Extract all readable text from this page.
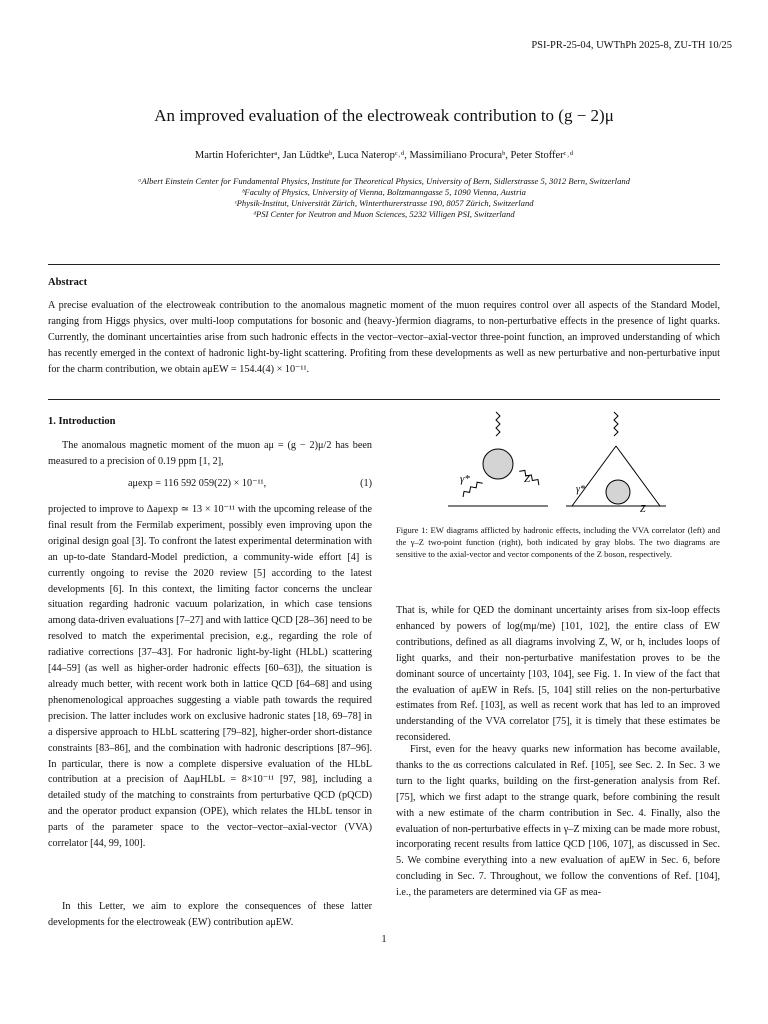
PSI-PR-25-04, UWThPh 2025-8, ZU-TH 10/25
An improved evaluation of the electroweak contribution to (g − 2)μ
Martin Hoferichterᵃ, Jan Lüdtkeᵇ, Luca Nateropᶜ˒ᵈ, Massimiliano Procuraᵇ, Peter Stofferᶜ˒ᵈ
ᵃAlbert Einstein Center for Fundamental Physics, Institute for Theoretical Physics, University of Bern, Sidlerstrasse 5, 3012 Bern, Switzerland
ᵇFaculty of Physics, University of Vienna, Boltzmanngasse 5, 1090 Vienna, Austria
ᶜPhysik-Institut, Universität Zürich, Winterthurerstrasse 190, 8057 Zürich, Switzerland
ᵈPSI Center for Neutron and Muon Sciences, 5232 Villigen PSI, Switzerland
Abstract
A precise evaluation of the electroweak contribution to the anomalous magnetic moment of the muon requires control over all aspects of the Standard Model, ranging from Higgs physics, over multi-loop computations for bosonic and (heavy-)fermion diagrams, to non-perturbative effects in the presence of light quarks. Currently, the dominant uncertainties arise from such hadronic effects in the vector–vector–axial-vector three-point function, an improved understanding of which has recently emerged in the context of hadronic light-by-light scattering. Profiting from these developments as well as new perturbative and non-perturbative input for the charm contribution, we obtain aμEW = 154.4(4) × 10⁻¹¹.
1. Introduction
The anomalous magnetic moment of the muon aμ = (g − 2)μ/2 has been measured to a precision of 0.19 ppm [1, 2],
aμexp = 116 592 059(22) × 10⁻¹¹,	(1)
projected to improve to Δaμexp ≃ 13 × 10⁻¹¹ with the upcoming release of the final result from the Fermilab experiment, possibly even improving upon the original design goal [3]. To confront the latest experimental determination with an up-to-date Standard-Model prediction, a community-wide effort [4] is currently ongoing to revise the 2020 review [5] according to the latest developments [6]. In this context, the limiting factor concerns the unclear situation regarding hadronic vacuum polarization, in which case tensions among data-driven evaluations [7–27] and with lattice QCD [28–36] need to be resolved to match the experimental precision, e.g., regarding the role of radiative corrections [37–43]. For hadronic light-by-light (HLbL) scattering [44–59] (as well as higher-order hadronic effects [60–63]), the situation is already much better, with recent work both in lattice QCD [64–68] and using phenomenological approaches suggesting a viable path towards the required precision. The latter includes work on exclusive hadronic states [18, 69–78] in a dispersive approach to HLbL scattering [79–82], higher-order short-distance constraints [83–86], and the combination with hadronic descriptions [87–96]. In particular, there is now a complete dispersive evaluation of the HLbL contribution at a precision of ΔaμHLbL = 8×10⁻¹¹ [97, 98], including a detailed study of the matching to constraints from perturbative QCD (pQCD) and the operator product expansion (OPE), which relates the HLbL tensor in parts of the parameter space to the vector–vector–axial-vector (VVA) correlator [44, 99, 100].
In this Letter, we aim to explore the consequences of these latter developments for the electroweak (EW) contribution aμEW.
γ*	Z
γ*
Z
Figure 1: EW diagrams afflicted by hadronic effects, including the VVA correlator (left) and the γ–Z two-point function (right), both indicated by gray blobs. The two diagrams are sensitive to the axial-vector and vector components of the Z boson, respectively.
That is, while for QED the dominant uncertainty arises from six-loop effects enhanced by powers of log(mμ/me) [101, 102], the entire class of EW contributions, defined as all diagrams involving Z, W, or h, includes loops of light quarks, and their non-perturbative manifestation proves to be the dominant source of uncertainty [103, 104], see Fig. 1. In view of the fact that the evaluation of aμEW in Refs. [5, 104] still relies on the non-perturbative estimates from Ref. [103], as well as recent work that has led to an improved understanding of the VVA correlator [75], it is timely that these estimates be reconsidered.
First, even for the heavy quarks new information has become available, thanks to the αs corrections calculated in Ref. [105], see Sec. 2. In Sec. 3 we turn to the light quarks, building on the first-generation analysis from Ref. [75], which we first adapt to the strange quark, before combining the result with a new estimate of the charm contribution in Sec. 4. Finally, also the evaluation of non-perturbative effects in γ–Z mixing can be made more robust, incorporating recent results from lattice QCD [106, 107], as discussed in Sec. 5. We combine everything into a new evaluation of aμEW in Sec. 6, before concluding in Sec. 7. Throughout, we follow the conventions of Ref. [104], i.e., the parameters are determined via GF as mea-
1
